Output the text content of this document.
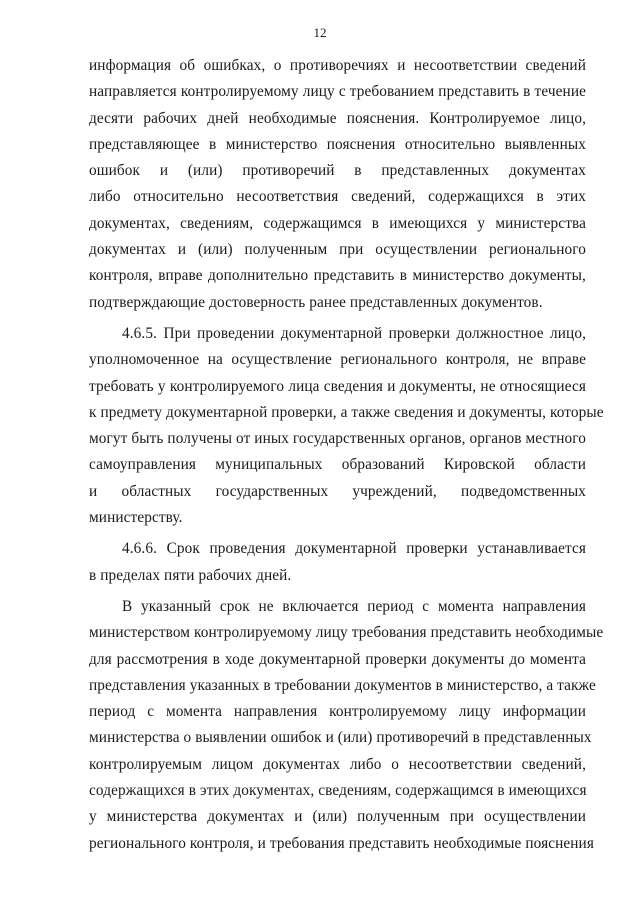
12
информация об ошибках, о противоречиях и несоответствии сведений
направляется контролируемому лицу с требованием представить в течение
десяти рабочих дней необходимые пояснения. Контролируемое лицо,
представляющее в министерство пояснения относительно выявленных
ошибок и (или) противоречий в представленных документах
либо относительно несоответствия сведений, содержащихся в этих
документах, сведениям, содержащимся в имеющихся у министерства
документах и (или) полученным при осуществлении регионального
контроля, вправе дополнительно представить в министерство документы,
подтверждающие достоверность ранее представленных документов.
4.6.5. При проведении документарной проверки должностное лицо,
уполномоченное на осуществление регионального контроля, не вправе
требовать у контролируемого лица сведения и документы, не относящиеся
к предмету документарной проверки, а также сведения и документы, которые
могут быть получены от иных государственных органов, органов местного
самоуправления муниципальных образований Кировской области
и областных государственных учреждений, подведомственных
министерству.
4.6.6. Срок проведения документарной проверки устанавливается
в пределах пяти рабочих дней.
В указанный срок не включается период с момента направления
министерством контролируемому лицу требования представить необходимые
для рассмотрения в ходе документарной проверки документы до момента
представления указанных в требовании документов в министерство, а также
период с момента направления контролируемому лицу информации
министерства о выявлении ошибок и (или) противоречий в представленных
контролируемым лицом документах либо о несоответствии сведений,
содержащихся в этих документах, сведениям, содержащимся в имеющихся
у министерства документах и (или) полученным при осуществлении
регионального контроля, и требования представить необходимые пояснения
